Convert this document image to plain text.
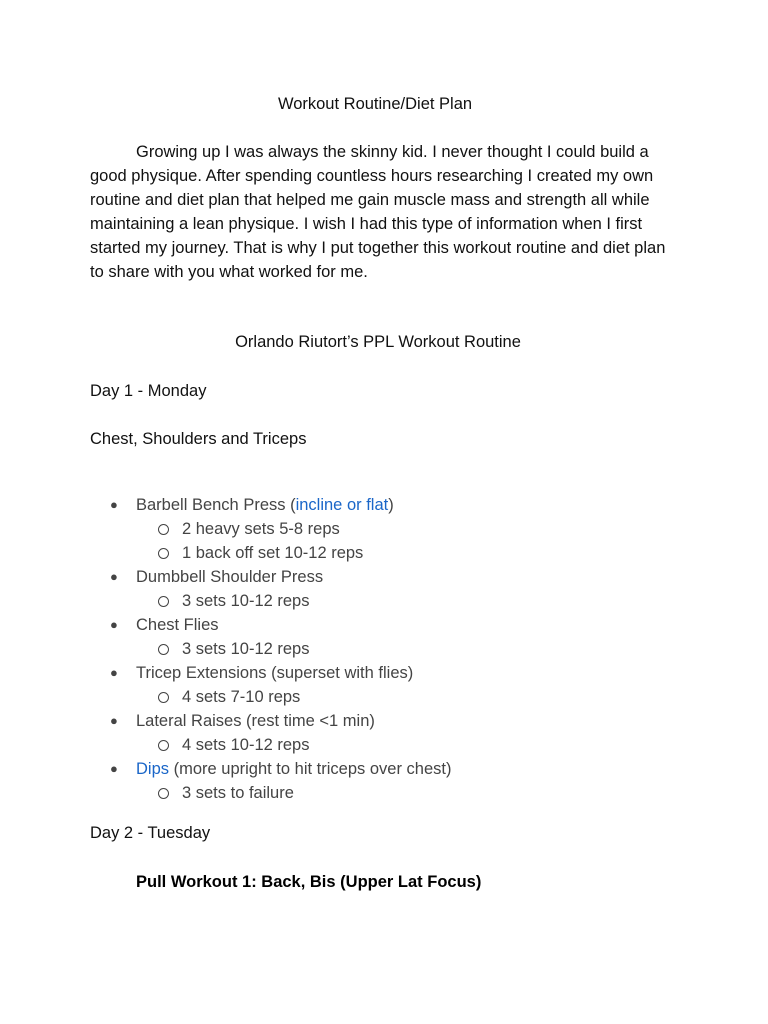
Workout Routine/Diet Plan

Growing up I was always the skinny kid. I never thought I could build a good physique. After spending countless hours researching I created my own routine and diet plan that helped me gain muscle mass and strength all while maintaining a lean physique. I wish I had this type of information when I first started my journey. That is why I put together this workout routine and diet plan to share with you what worked for me.

Orlando Riutort’s PPL Workout Routine
Day 1 - Monday
Chest, Shoulders and Triceps
● Barbell Bench Press (incline or flat)
2 heavy sets 5-8 reps
1 back off set 10-12 reps
● Dumbbell Shoulder Press
3 sets 10-12 reps
● Chest Flies
3 sets 10-12 reps
● Tricep Extensions (superset with flies)
4 sets 7-10 reps
● Lateral Raises (rest time <1 min)
4 sets 10-12 reps
● Dips (more upright to hit triceps over chest)
3 sets to failure
Day 2 - Tuesday
Pull Workout 1: Back, Bis (Upper Lat Focus)
